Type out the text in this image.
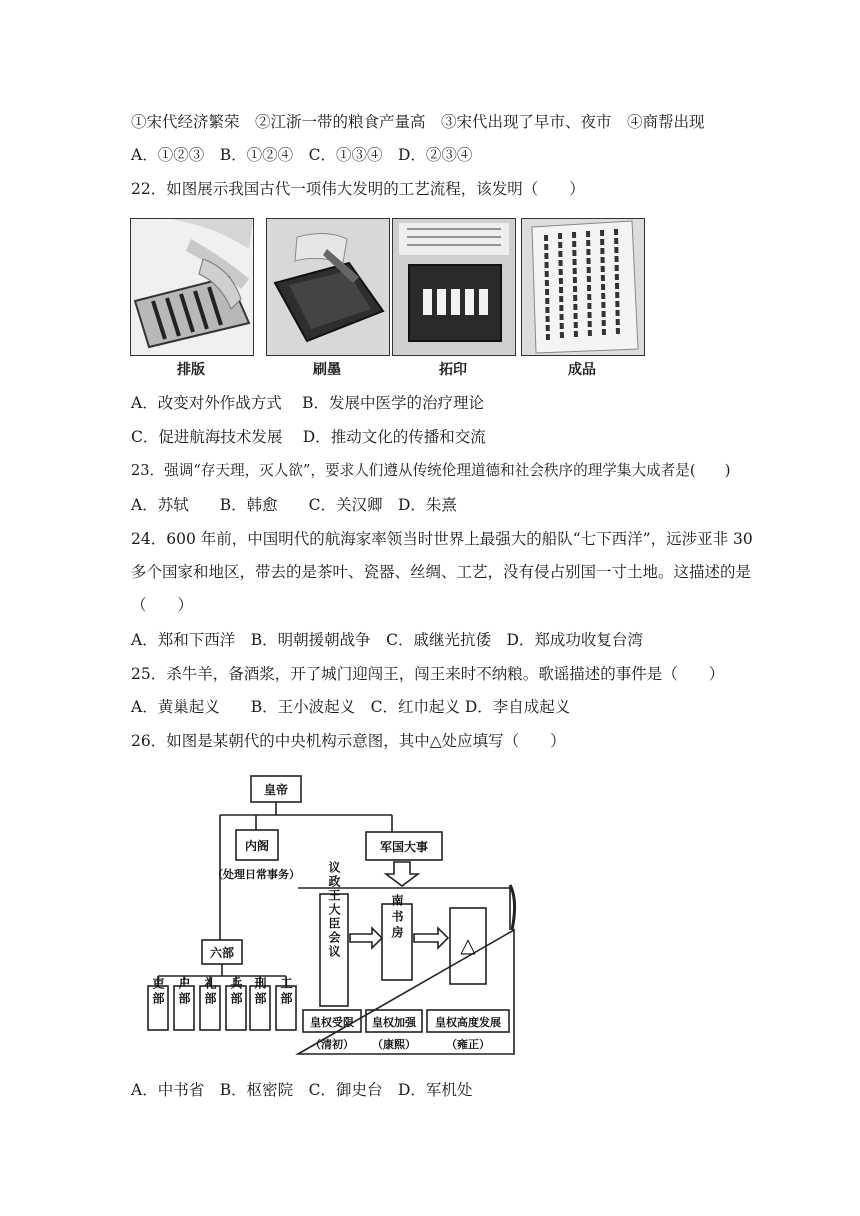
①宋代经济繁荣　②江浙一带的粮食产量高　③宋代出现了早市、夜市　④商帮出现
A．①②③　B．①②④　C．①③④　D．②③④
22．如图展示我国古代一项伟大发明的工艺流程，该发明（　　）
排版	刷墨	拓印	成品
A．改变对外作战方式　 B．发展中医学的治疗理论
C．促进航海技术发展　 D．推动文化的传播和交流
23．强调“存天理，灭人欲”，要求人们遵从传统伦理道德和社会秩序的理学集大成者是(　　)
A．苏轼　　B．韩愈　　C．关汉卿　D．朱熹
24．600 年前，中国明代的航海家率领当时世界上最强大的船队“七下西洋”，远涉亚非 30
多个国家和地区，带去的是茶叶、瓷器、丝绸、工艺，没有侵占别国一寸土地。这描述的是
（　　）
A．郑和下西洋　B．明朝援朝战争　C．戚继光抗倭　D．郑成功收复台湾
25．杀牛羊，备酒浆，开了城门迎闯王，闯王来时不纳粮。歌谣描述的事件是（　　）
A．黄巢起义　　B．王小波起义　C．红巾起义 D．李自成起义
26．如图是某朝代的中央机构示意图，其中△处应填写（　　）
皇帝
内阁
（处理日常事务）
军国大事
六部	议政王大臣会议	南书房
△
皇权受限 皇权加强 皇权高度发展
（清初） （康熙）	（雍正）
吏部 户部 礼部 兵部 刑部 工部
A．中书省　B．枢密院　C．御史台　D．军机处
